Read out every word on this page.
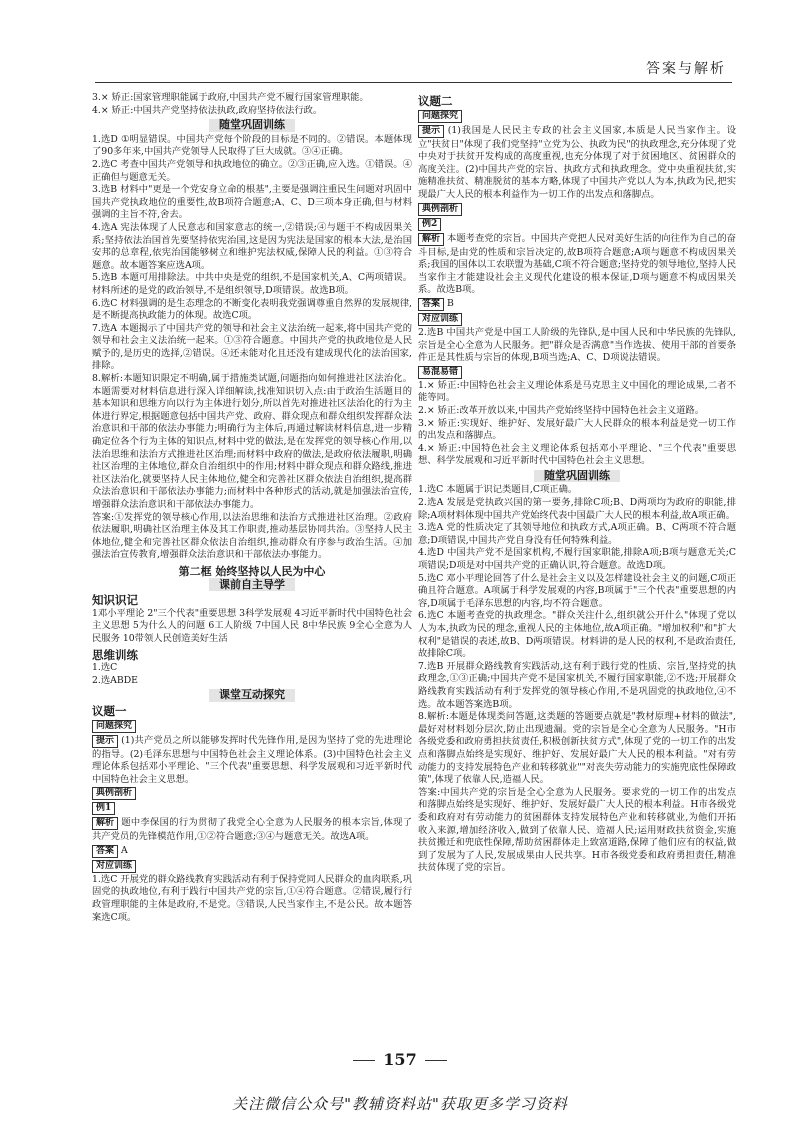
答案与解析

3.× 矫正:国家管理职能属于政府,中国共产党不履行国家管理职能。

4.× 矫正:中国共产党坚持依法执政,政府坚持依法行政。

随堂巩固训练

1.选D ①明显错误。中国共产党每个阶段的目标是不同的。②错误。本题体现了90多年来,中国共产党领导人民取得了巨大成就。③④正确。

2.选C 考查中国共产党领导和执政地位的确立。②③正确,应入选。①错误。④正确但与题意无关。

3.选B 材料中"更是一个党安身立命的根基",主要是强调注重民生问题对巩固中国共产党执政地位的重要性,故B项符合题意;A、C、D三项本身正确,但与材料强调的主旨不符,舍去。

4.选A 宪法体现了人民意志和国家意志的统一,②错误;④与题干不构成因果关系;坚持依法治国首先要坚持依宪治国,这是因为宪法是国家的根本大法,是治国安邦的总章程,依宪治国能够树立和维护宪法权威,保障人民的利益。①③符合题意。故本题答案应选A项。

5.选B 本题可用排除法。中共中央是党的组织,不是国家机关,A、C两项错误。材料所述的是党的政治领导,不是组织领导,D项错误。故选B项。

6.选C 材料强调的是生态理念的不断变化表明我党强调尊重自然界的发展规律,是不断提高执政能力的体现。故选C项。

7.选A 本题揭示了中国共产党的领导和社会主义法治统一起来,将中国共产党的领导和社会主义法治统一起来。①③符合题意。中国共产党的执政地位是人民赋予的,是历史的选择,②错误。④还未能对化且还没有建成现代化的法治国家,排除。

8.解析:本题知识限定不明确,属于措施类试题,问题指向如何推进社区法治化。本题需要对材料信息进行深入详细解读,找准知识切入点:由于政治生活题目的基本知识和思维方向以行为主体进行划分,所以首先对推进社区法治化的行为主体进行界定,根据题意包括中国共产党、政府、群众现点和群众组织发挥群众法治意识和干部的依法办事能力;明确行为主体后,再通过解读材料信息,进一步精确定位各个行为主体的知识点,材料中党的做法,是在发挥党的领导核心作用,以法治思维和法治方式推进社区治理;而材料中政府的做法,是政府依法履职,明确社区治理的主体地位,群众自治组织中的作用;材料中群众现点和群众路线,推进社区法治化,就要坚持人民主体地位,健全和完善社区群众依法自治组织,提高群众法治意识和干部依法办事能力;而材料中各种形式的活动,就是加强法治宣传,增强群众法治意识和干部依法办事能力。

答案:①发挥党的领导核心作用,以法治思维和法治方式推进社区治理。②政府依法履职,明确社区治理主体及其工作职责,推动基层协同共治。③坚持人民主体地位,健全和完善社区群众依法自治组织,推动群众有序参与政治生活。④加强法治宣传教育,增强群众法治意识和干部依法办事能力。

第二框 始终坚持以人民为中心
课前自主导学
知识识记

1邓小平理论 2"三个代表"重要思想 3科学发展观 4习近平新时代中国特色社会主义思想 5为什么人的问题 6工人阶级 7中国人民 8中华民族 9全心全意为人民服务 10带领人民创造美好生活

思维训练

1.选C

2.选ABDE

课堂互动探究
议题一
问题探究

提示 (1)共产党员之所以能够发挥时代先锋作用,是因为坚持了党的先进理论的指导。(2)毛泽东思想与中国特色社会主义理论体系。(3)中国特色社会主义理论体系包括邓小平理论、"三个代表"重要思想、科学发展观和习近平新时代中国特色社会主义思想。

典例剖析
例1

解析 题中李保国的行为贯彻了我党全心全意为人民服务的根本宗旨,体现了共产党员的先锋模范作用,①②符合题意;③④与题意无关。故选A项。

答案 A

对应训练

1.选C 开展党的群众路线教育实践活动有利于保持党同人民群众的血肉联系,巩固党的执政地位,有利于践行中国共产党的宗旨,①④符合题意。②错误,履行行政管理职能的主体是政府,不是党。③错误,人民当家作主,不是公民。故本题答案选C项。

议题二
问题探究

提示 (1)我国是人民民主专政的社会主义国家,本质是人民当家作主。设立"扶贫日"体现了我们党坚持"立党为公、执政为民"的执政理念,充分体现了党中央对于扶贫开发构成的高度重视,也充分体现了对于贫困地区、贫困群众的高度关注。(2)中国共产党的宗旨、执政方式和执政理念。党中央重视扶贫,实施精准扶贫、精准脱贫的基本方略,体现了中国共产党以人为本,执政为民,把实现最广大人民的根本利益作为一切工作的出发点和落脚点。

典例剖析
例2

解析 本题考查党的宗旨。中国共产党把人民对美好生活的向往作为自己的奋斗目标,是由党的性质和宗旨决定的,故B项符合题意;A项与题意不构成因果关系;我国的国体以工农联盟为基础,C项不符合题意;坚持党的领导地位,坚持人民当家作主才能建设社会主义现代化建设的根本保证,D项与题意不构成因果关系。故选B项。

答案 B

对应训练

2.选B 中国共产党是中国工人阶级的先锋队,是中国人民和中华民族的先锋队,宗旨是全心全意为人民服务。把"群众是否满意"当作选拔、使用干部的首要条件正是其性质与宗旨的体现,B项当选;A、C、D项说法错误。

易混易错

1.× 矫正:中国特色社会主义理论体系是马克思主义中国化的理论成果,二者不能等同。

2.× 矫正:改革开放以来,中国共产党始终坚持中国特色社会主义道路。

3.× 矫正:实现好、维护好、发展好最广大人民群众的根本利益是党一切工作的出发点和落脚点。

4.× 矫正:中国特色社会主义理论体系包括邓小平理论、"三个代表"重要思想、科学发展观和习近平新时代中国特色社会主义思想。

随堂巩固训练

1.选C 本题属于识记类题目,C项正确。

2.选A 发展是党执政兴国的第一要务,排除C项;B、D两项均为政府的职能,排除;A项材料体现中国共产党始终代表中国最广大人民的根本利益,故A项正确。

3.选A 党的性质决定了其领导地位和执政方式,A项正确。B、C两项不符合题意;D项错误,中国共产党自身没有任何特殊利益。

4.选D 中国共产党不是国家机构,不履行国家职能,排除A项;B项与题意无关;C项错误;D项是对中国共产党的正确认识,符合题意。故选D项。

5.选C 邓小平理论回答了什么是社会主义以及怎样建设社会主义的问题,C项正确且符合题意。A项属于科学发展观的内容,B项属于"三个代表"重要思想的内容,D项属于毛泽东思想的内容,均不符合题意。

6.选C 本题考查党的执政理念。"群众关注什么,组织就公开什么"体现了党以人为本,执政为民的理念,重视人民的主体地位,故A项正确。"增加权利"和"扩大权利"是错误的表述,故B、D两项错误。材料讲的是人民的权利,不是政治责任,故排除C项。

7.选B 开展群众路线教育实践活动,这有利于践行党的性质、宗旨,坚持党的执政理念,①③正确;中国共产党不是国家机关,不履行国家职能,②不选;开展群众路线教育实践活动有利于发挥党的领导核心作用,不是巩固党的执政地位,④不选。故本题答案选B项。

8.解析:本题是体现类问答题,这类题的答题要点就是"教材原理+材料的做法",最好对材料划分层次,防止出现遗漏。党的宗旨是全心全意为人民服务。"H市各级党委和政府勇担扶贫责任,积极创新扶贫方式",体现了党的一切工作的出发点和落脚点始终是实现好、维护好、发展好最广大人民的根本利益。"对有劳动能力的支持发展特色产业和转移就业""对丧失劳动能力的实施兜底性保障政策",体现了依靠人民,造福人民。

答案:中国共产党的宗旨是全心全意为人民服务。要求党的一切工作的出发点和落脚点始终是实现好、维护好、发展好最广大人民的根本利益。H市各级党委和政府对有劳动能力的贫困群体支持发展特色产业和转移就业,为他们开拓收入来源,增加经济收入,做到了依靠人民、造福人民;运用财政扶贫资金,实施扶贫搬迁和兜底性保障,帮助贫困群体走上致富道路,保障了他们应有的权益,做到了发展为了人民,发展成果由人民共享。H市各级党委和政府勇担责任,精准扶贫体现了党的宗旨。

157
关注微信公众号"教辅资料站"获取更多学习资料
